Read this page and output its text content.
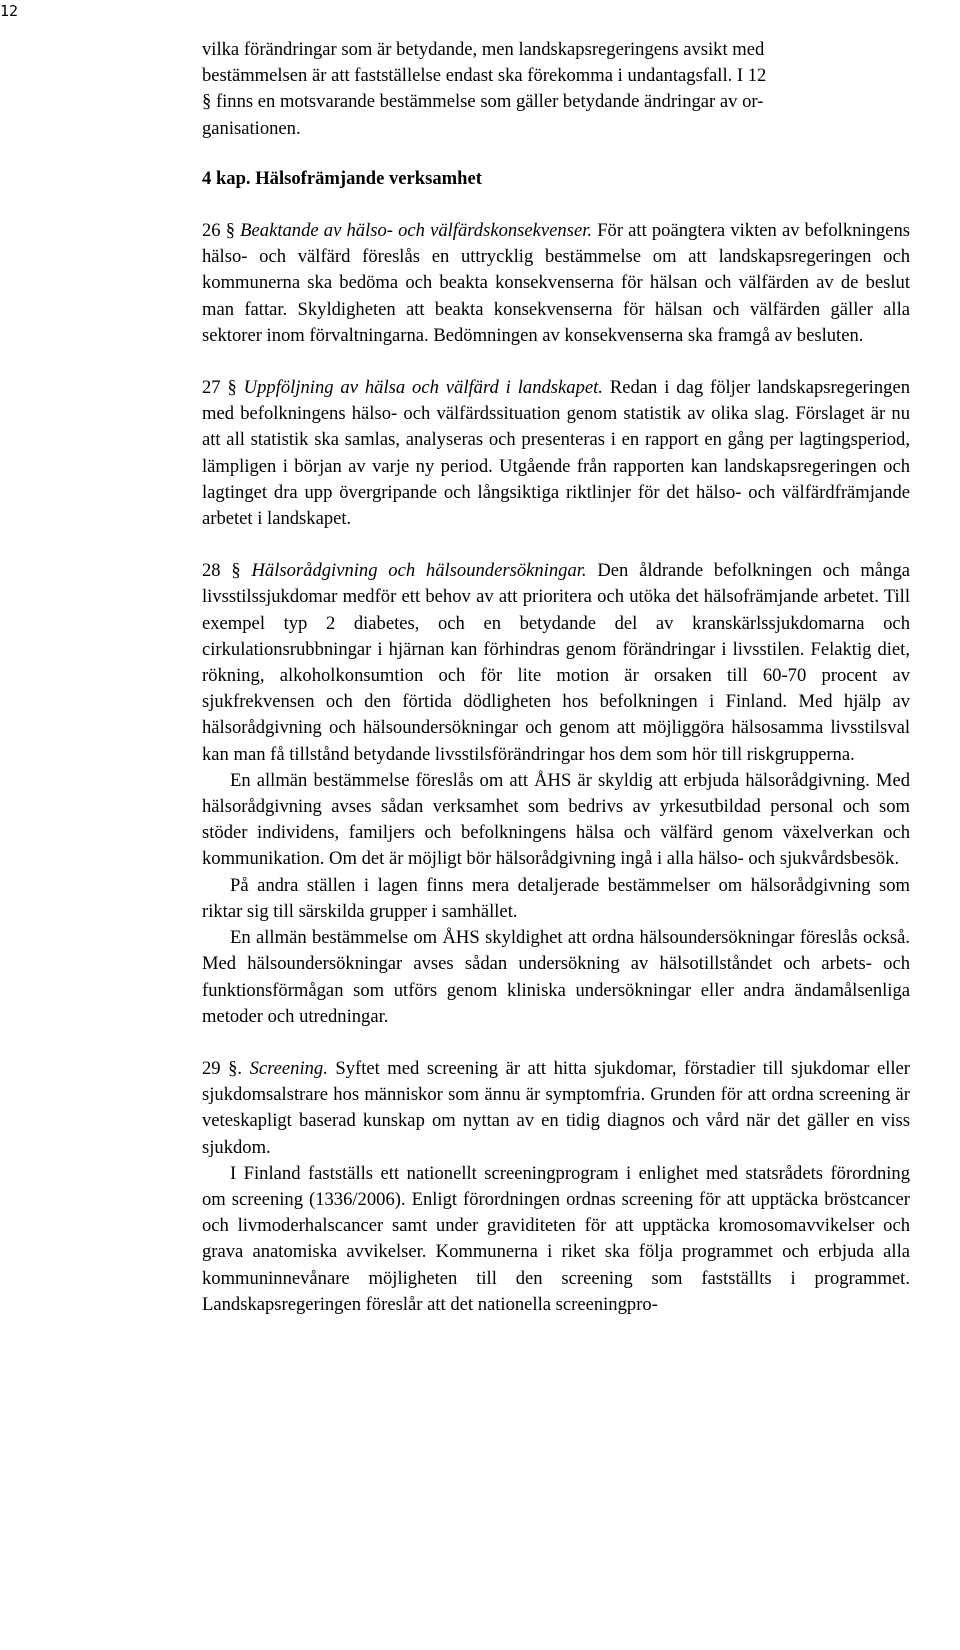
12

vilka förändringar som är betydande, men landskapsregeringens avsikt med
bestämmelsen är att fastställelse endast ska förekomma i undantagsfall. I 12
§ finns en motsvarande bestämmelse som gäller betydande ändringar av or-
ganisationen.

4 kap. Hälsofrämjande verksamhet

26 § Beaktande av hälso- och välfärdskonsekvenser. För att poängtera vikten av befolkningens hälso- och välfärd föreslås en uttrycklig bestämmelse om att landskapsregeringen och kommunerna ska bedöma och beakta konsekvenserna för hälsan och välfärden av de beslut man fattar. Skyldigheten att beakta konsekvenserna för hälsan och välfärden gäller alla sektorer inom förvaltningarna. Bedömningen av konsekvenserna ska framgå av besluten.

27 § Uppföljning av hälsa och välfärd i landskapet. Redan i dag följer landskapsregeringen med befolkningens hälso- och välfärdssituation genom statistik av olika slag. Förslaget är nu att all statistik ska samlas, analyseras och presenteras i en rapport en gång per lagtingsperiod, lämpligen i början av varje ny period. Utgående från rapporten kan landskapsregeringen och lagtinget dra upp övergripande och långsiktiga riktlinjer för det hälso- och välfärdfrämjande arbetet i landskapet.

28 § Hälsorådgivning och hälsoundersökningar. Den åldrande befolkningen och många livsstilssjukdomar medför ett behov av att prioritera och utöka det hälsofrämjande arbetet. Till exempel typ 2 diabetes, och en betydande del av kranskärlssjukdomarna och cirkulationsrubbningar i hjärnan kan förhindras genom förändringar i livsstilen. Felaktig diet, rökning, alkoholkonsumtion och för lite motion är orsaken till 60-70 procent av sjukfrekvensen och den förtida dödligheten hos befolkningen i Finland. Med hjälp av hälsorådgivning och hälsoundersökningar och genom att möjliggöra hälsosamma livsstilsval kan man få tillstånd betydande livsstilsförändringar hos dem som hör till riskgrupperna.

En allmän bestämmelse föreslås om att ÅHS är skyldig att erbjuda hälsorådgivning. Med hälsorådgivning avses sådan verksamhet som bedrivs av yrkesutbildad personal och som stöder individens, familjers och befolkningens hälsa och välfärd genom växelverkan och kommunikation. Om det är möjligt bör hälsorådgivning ingå i alla hälso- och sjukvårdsbesök.

På andra ställen i lagen finns mera detaljerade bestämmelser om hälsorådgivning som riktar sig till särskilda grupper i samhället.

En allmän bestämmelse om ÅHS skyldighet att ordna hälsoundersökningar föreslås också. Med hälsoundersökningar avses sådan undersökning av hälsotillståndet och arbets- och funktionsförmågan som utförs genom kliniska undersökningar eller andra ändamålsenliga metoder och utredningar.

29 §. Screening. Syftet med screening är att hitta sjukdomar, förstadier till sjukdomar eller sjukdomsalstrare hos människor som ännu är symptomfria. Grunden för att ordna screening är veteskapligt baserad kunskap om nyttan av en tidig diagnos och vård när det gäller en viss sjukdom.

I Finland fastställs ett nationellt screeningprogram i enlighet med statsrådets förordning om screening (1336/2006). Enligt förordningen ordnas screening för att upptäcka bröstcancer och livmoderhalscancer samt under graviditeten för att upptäcka kromosomavvikelser och grava anatomiska avvikelser. Kommunerna i riket ska följa programmet och erbjuda alla kommuninnevånare möjligheten till den screening som fastställts i programmet. Landskapsregeringen föreslår att det nationella screeningpro-
